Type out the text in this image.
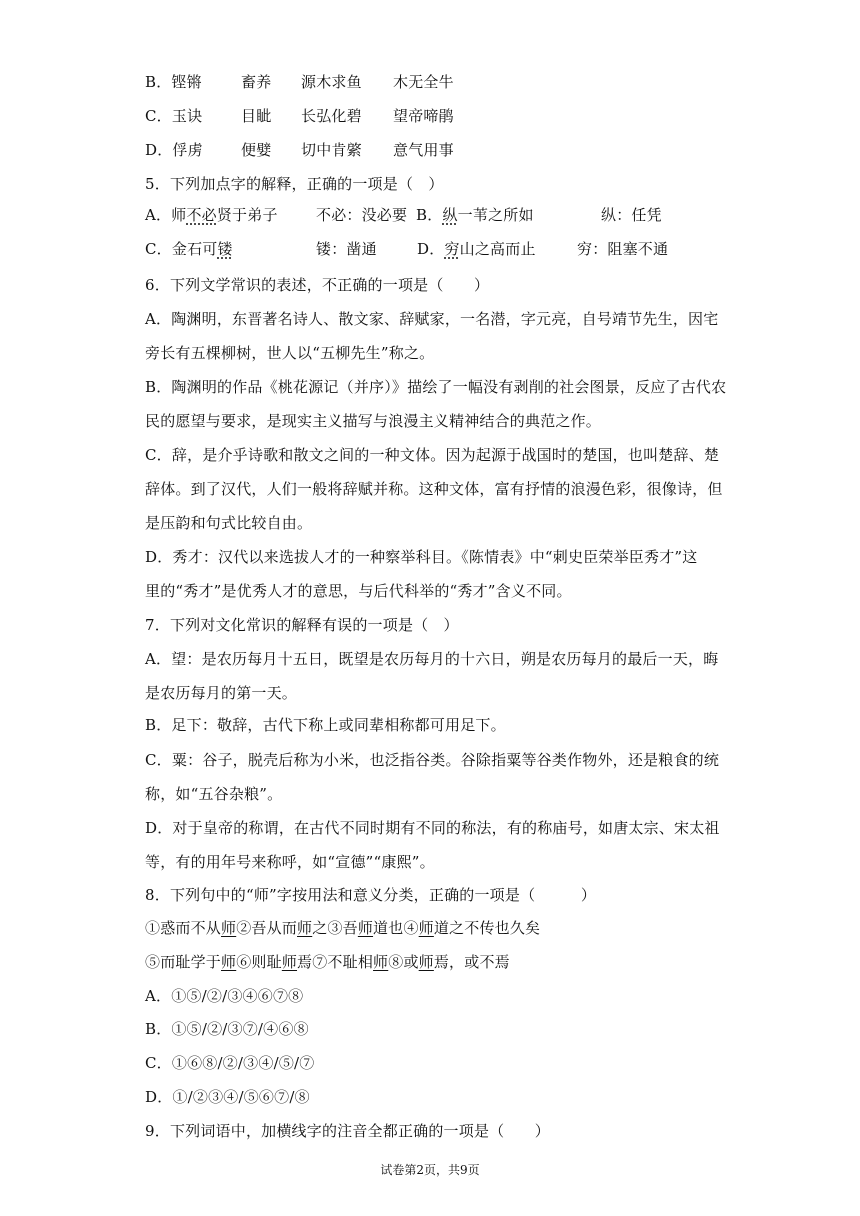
B．铿锵	畜养 源木求鱼 木无全牛
C．玉诀	目眦 长弘化碧 望帝啼鹃
D．俘虏	便嬖 切中肯綮 意气用事
5．下列加点字的解释，正确的一项是（　）
A．师不必贤于弟子	不必：没必要 B．纵一苇之所如	纵：任凭
C．金石可镂	镂：凿通	D．穷山之高而止	穷：阻塞不通
6．下列文学常识的表述，不正确的一项是（　　）
A．陶渊明，东晋著名诗人、散文家、辞赋家，一名潜，字元亮，自号靖节先生，因宅
旁长有五棵柳树，世人以“五柳先生”称之。
B．陶渊明的作品《桃花源记（并序）》描绘了一幅没有剥削的社会图景，反应了古代农
民的愿望与要求，是现实主义描写与浪漫主义精神结合的典范之作。
C．辞，是介乎诗歌和散文之间的一种文体。因为起源于战国时的楚国，也叫楚辞、楚
辞体。到了汉代，人们一般将辞赋并称。这种文体，富有抒情的浪漫色彩，很像诗，但
是压韵和句式比较自由。
D．秀才：汉代以来选拔人才的一种察举科目。《陈情表》中“刺史臣荣举臣秀才”这
里的“秀才”是优秀人才的意思，与后代科举的“秀才”含义不同。
7．下列对文化常识的解释有误的一项是（　）
A．望：是农历每月十五日，既望是农历每月的十六日，朔是农历每月的最后一天，晦
是农历每月的第一天。
B．足下：敬辞，古代下称上或同辈相称都可用足下。
C．粟：谷子，脱壳后称为小米，也泛指谷类。谷除指粟等谷类作物外，还是粮食的统
称，如“五谷杂粮”。
D．对于皇帝的称谓，在古代不同时期有不同的称法，有的称庙号，如唐太宗、宋太祖
等，有的用年号来称呼，如“宣德”“康熙”。
8．下列句中的“师”字按用法和意义分类，正确的一项是（　　　）
①惑而不从师②吾从而师之③吾师道也④师道之不传也久矣
⑤而耻学于师⑥则耻师焉⑦不耻相师⑧或师焉，或不焉
A．①⑤/②/③④⑥⑦⑧
B．①⑤/②/③⑦/④⑥⑧
C．①⑥⑧/②/③④/⑤/⑦
D．①/②③④/⑤⑥⑦/⑧
9．下列词语中，加横线字的注音全都正确的一项是（　　）
试卷第2页，共9页
